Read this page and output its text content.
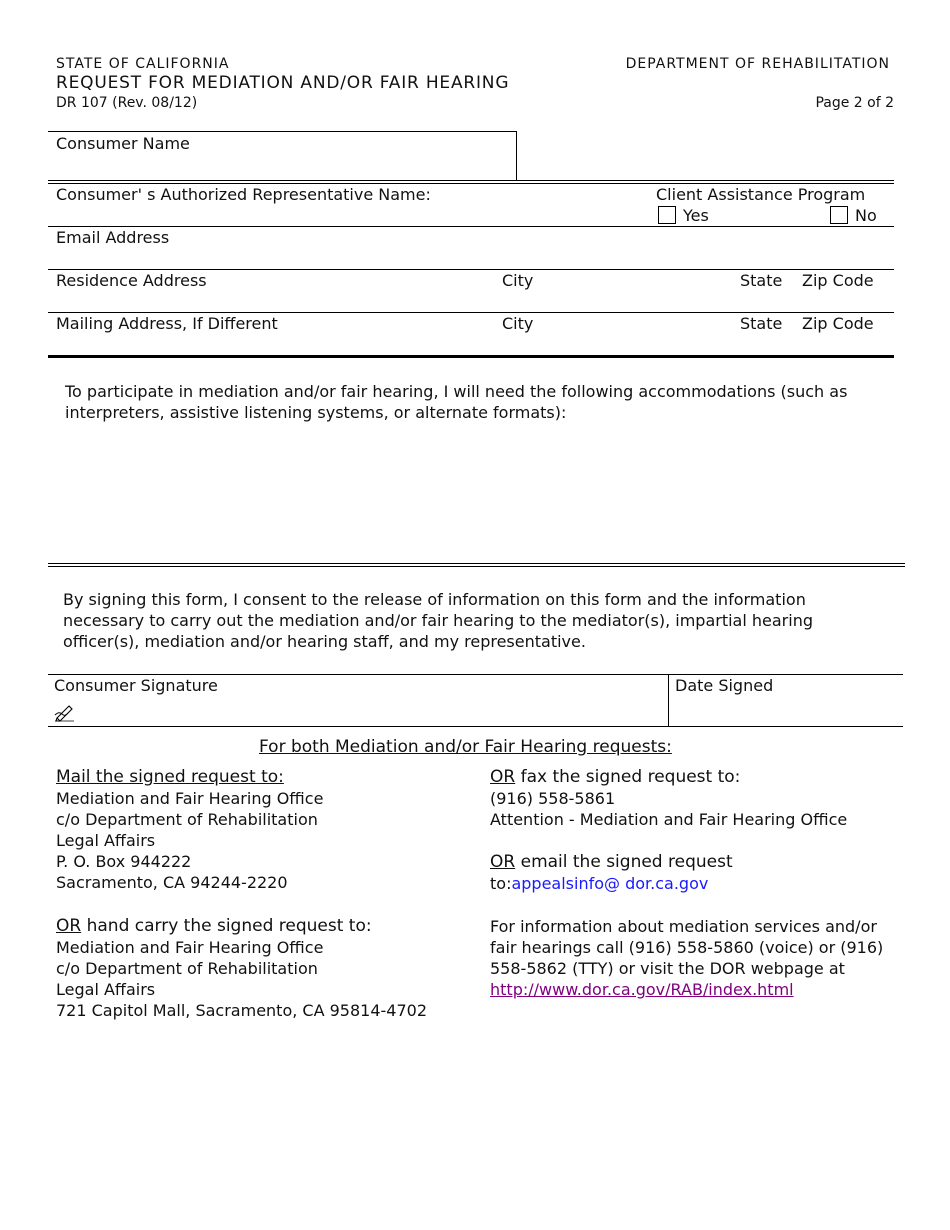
STATE OF CALIFORNIA
REQUEST FOR MEDIATION AND/OR FAIR HEARING
DR 107 (Rev. 08/12)
DEPARTMENT OF REHABILITATION
Page 2 of 2
Consumer Name
Consumer' s Authorized Representative Name:	Client Assistance Program
Yes	No
Email Address
Residence Address	City	State Zip Code
Mailing Address, If Different	City	State Zip Code
To participate in mediation and/or fair hearing, I will need the following accommodations (such as
interpreters, assistive listening systems, or alternate formats):
By signing this form, I consent to the release of information on this form and the information
necessary to carry out the mediation and/or fair hearing to the mediator(s), impartial hearing
officer(s), mediation and/or hearing staff, and my representative.
Consumer Signature	Date Signed
For both Mediation and/or Fair Hearing requests:
Mail the signed request to:
Mediation and Fair Hearing Office
c/o Department of Rehabilitation
Legal Affairs
P. O. Box 944222
Sacramento, CA 94244-2220
OR hand carry the signed request to:
Mediation and Fair Hearing Office
c/o Department of Rehabilitation
Legal Affairs
721 Capitol Mall, Sacramento, CA 95814-4702
OR fax the signed request to:
(916) 558-5861
Attention - Mediation and Fair Hearing Office
OR email the signed request
to:appealsinfo@ dor.ca.gov
For information about mediation services and/or
fair hearings call (916) 558-5860 (voice) or (916)
558-5862 (TTY) or visit the DOR webpage at
http://www.dor.ca.gov/RAB/index.html
